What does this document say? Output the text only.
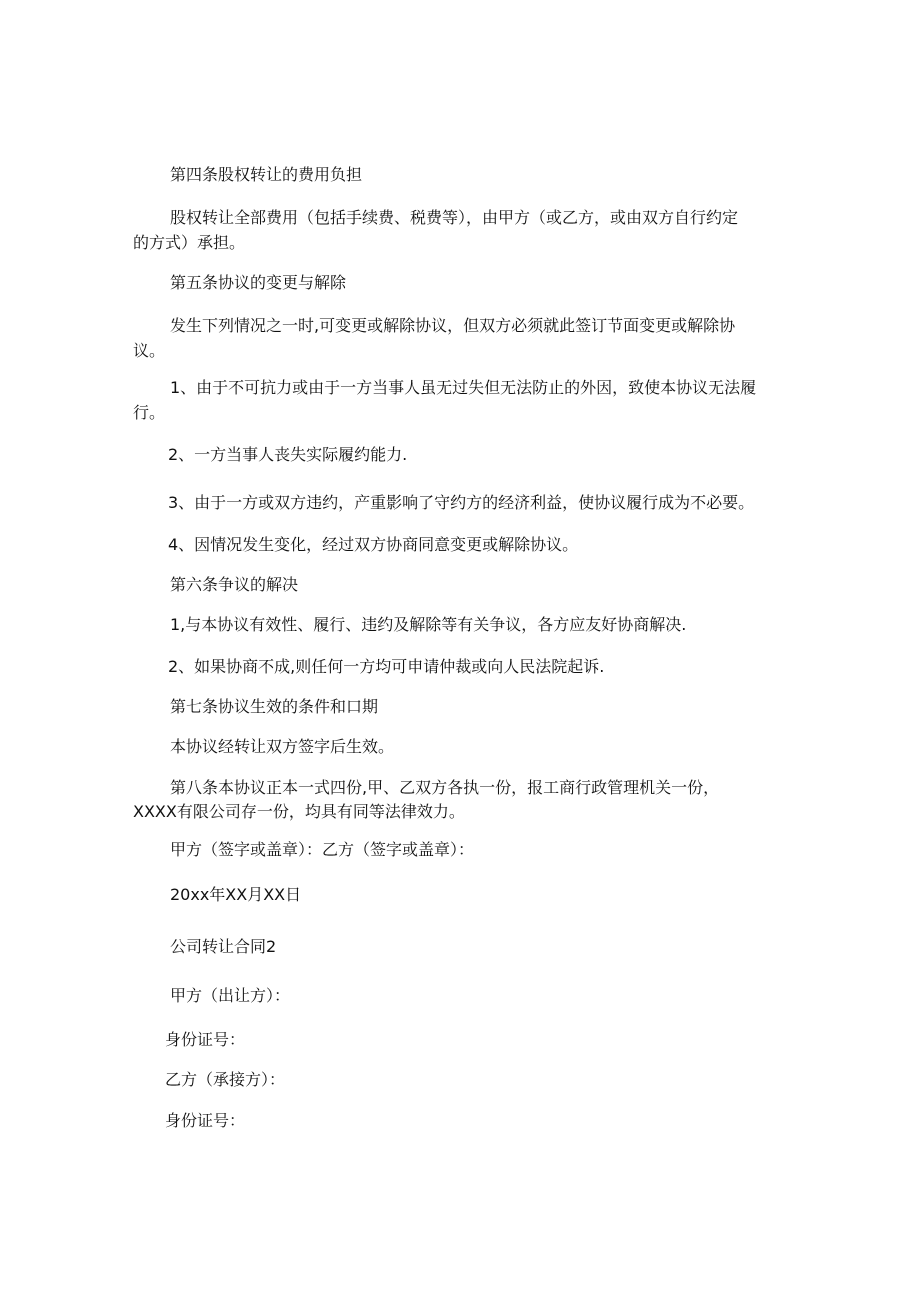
第四条股权转让的费用负担

股权转让全部费用（包括手续费、税费等），由甲方（或乙方，或由双方自行约定

的方式）承担。

第五条协议的变更与解除

发生下列情况之一时,可变更或解除协议，但双方必须就此签订节面变更或解除协

议。

1、由于不可抗力或由于一方当事人虽无过失但无法防止的外因，致使本协议无法履

行。

2、一方当事人丧失实际履约能力.

3、由于一方或双方违约，产重影响了守约方的经济利益，使协议履行成为不必要。

4、因情况发生变化，经过双方协商同意变更或解除协议。

第六条争议的解决

1,与本协议有效性、履行、违约及解除等有关争议，各方应友好协商解决.

2、如果协商不成,则任何一方均可申请仲裁或向人民法院起诉.

第七条协议生效的条件和口期

本协议经转让双方签字后生效。

第八条本协议正本一式四份,甲、乙双方各执一份，报工商行政管理机关一份，

XXXX有限公司存一份，均具有同等法律效力。

甲方（签字或盖章）：乙方（签字或盖章）：

20xx年XX月XX日

公司转让合同2

甲方（出让方）：

身份证号：

乙方（承接方）：

身份证号：
